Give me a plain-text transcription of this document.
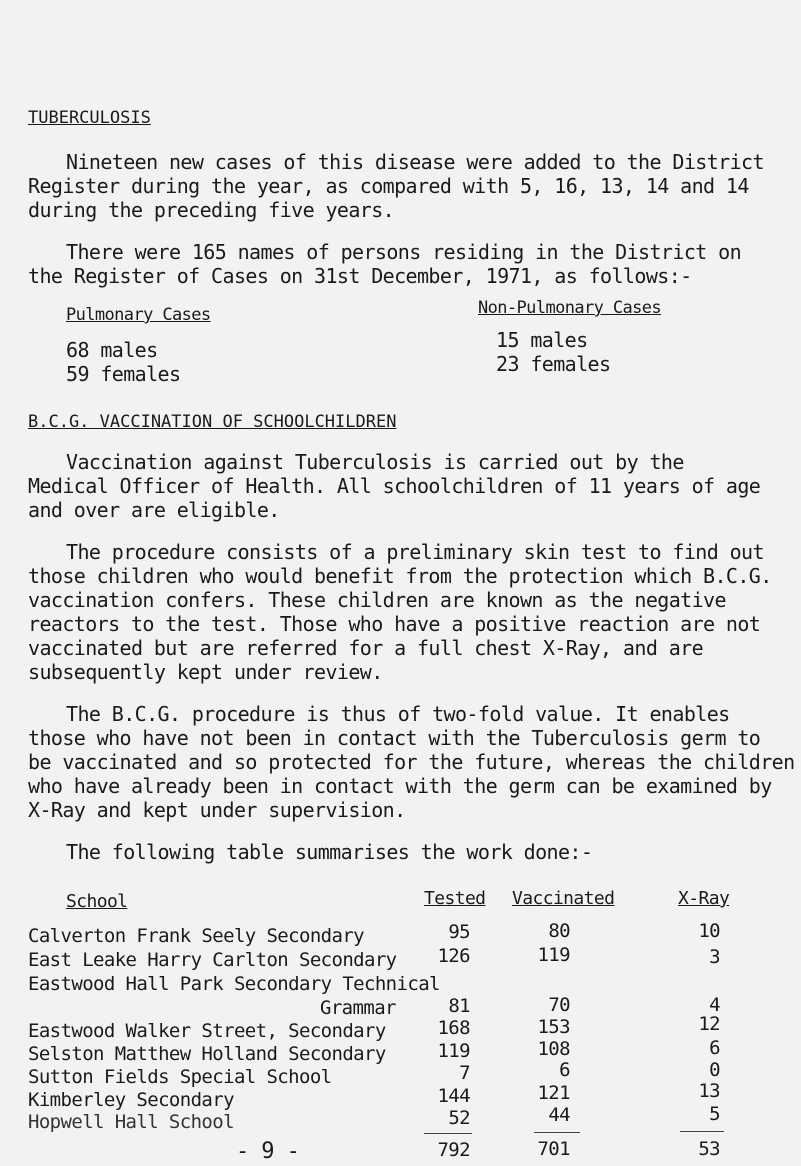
TUBERCULOSIS
Nineteen new cases of this disease were added to the District
Register during the year, as compared with 5, 16, 13, 14 and 14
during the preceding five years.
There were 165 names of persons residing in the District on
the Register of Cases on 31st December, 1971, as follows:-
Pulmonary Cases
68 males
59 females
Non-Pulmonary Cases
15 males
23 females
B.C.G. VACCINATION OF SCHOOLCHILDREN
Vaccination against Tuberculosis is carried out by the
Medical Officer of Health. All schoolchildren of 11 years of age
and over are eligible.
The procedure consists of a preliminary skin test to find out
those children who would benefit from the protection which B.C.G.
vaccination confers. These children are known as the negative
reactors to the test. Those who have a positive reaction are not
vaccinated but are referred for a full chest X-Ray, and are
subsequently kept under review.
The B.C.G. procedure is thus of two-fold value. It enables
those who have not been in contact with the Tuberculosis germ to
be vaccinated and so protected for the future, whereas the children
who have already been in contact with the germ can be examined by
X-Ray and kept under supervision.
The following table summarises the work done:-
School	Tested Vaccinated	X-Ray
Calverton Frank Seely Secondary	95	80	10
East Leake Harry Carlton Secondary	126	119	3
Eastwood Hall Park Secondary Technical
Grammar	81	70	4
Eastwood Walker Street, Secondary	168	153	12
Selston Matthew Holland Secondary	119	108	6
Sutton Fields Special School	7	6	0
Kimberley Secondary	144	121	13
Hopwell Hall School	52	44	5
792	701	53
- 9 -
